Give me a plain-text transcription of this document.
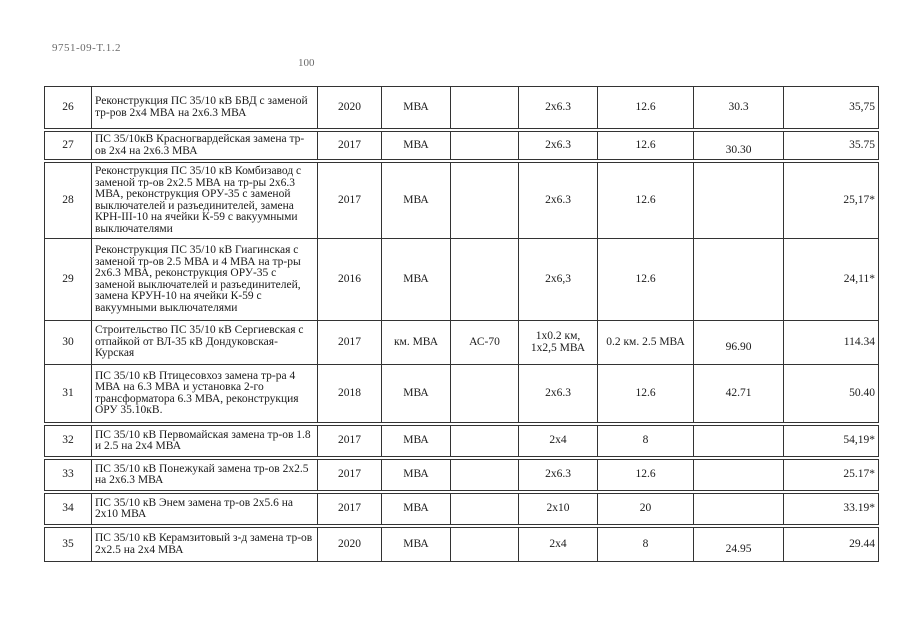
9751-09-Т.1.2
100
26	Реконструкция ПС 35/10 кВ БВД с заменой тр-ров 2х4 МВА на 2х6.3 МВА	2020	МВА		2х6.3	12.6	30.3	35,75

27	ПС 35/10кВ Красногвардейская замена тр-ов 2х4 на 2х6.3 МВА	2017	МВА		2х6.3	12.6	30.30	35.75

28	Реконструкция ПС 35/10 кВ Комбизавод с заменой тр-ов 2х2.5 МВА на тр-ры 2х6.3 МВА, реконструкция ОРУ-35 с заменой выключателей и разъединителей, замена КРН-III-10 на ячейки К-59 с вакуумными выключателями	2017	МВА		2х6.3	12.6		25,17*
29	Реконструкция ПС 35/10 кВ Гиагинская с заменой тр-ов 2.5 МВА и 4 МВА на тр-ры 2х6.3 МВА, реконструкция ОРУ-35 с заменой выключателей и разъединителей, замена КРУН-10 на ячейки К-59 с вакуумными выключателями	2016	МВА		2х6,3	12.6		24,11*
30	Строительство ПС 35/10 кВ Сергиевская с отпайкой от ВЛ-35 кВ Дондуковская-Курская	2017	км. МВА	АС-70	1х0.2 км, 1х2,5 МВА	0.2 км. 2.5 МВА	96.90	114.34
31	ПС 35/10 кВ Птицесовхоз замена тр-ра 4 МВА на 6.3 МВА и установка 2-го трансформатора 6.3 МВА, реконструкция ОРУ 35.10кВ.	2018	МВА		2х6.3	12.6	42.71	50.40

32	ПС 35/10 кВ Первомайская замена тр-ов 1.8 и 2.5 на 2х4 МВА	2017	МВА		2х4	8		54,19*

33	ПС 35/10 кВ Понежукай замена тр-ов 2х2.5 на 2х6.3 МВА	2017	МВА		2х6.3	12.6		25.17*

34	ПС 35/10 кВ Энем замена тр-ов 2х5.6 на 2х10 МВА	2017	МВА		2х10	20		33.19*

35	ПС 35/10 кВ Керамзитовый з-д замена тр-ов 2х2.5 на 2х4 МВА	2020	МВА		2х4	8	24.95	29.44
